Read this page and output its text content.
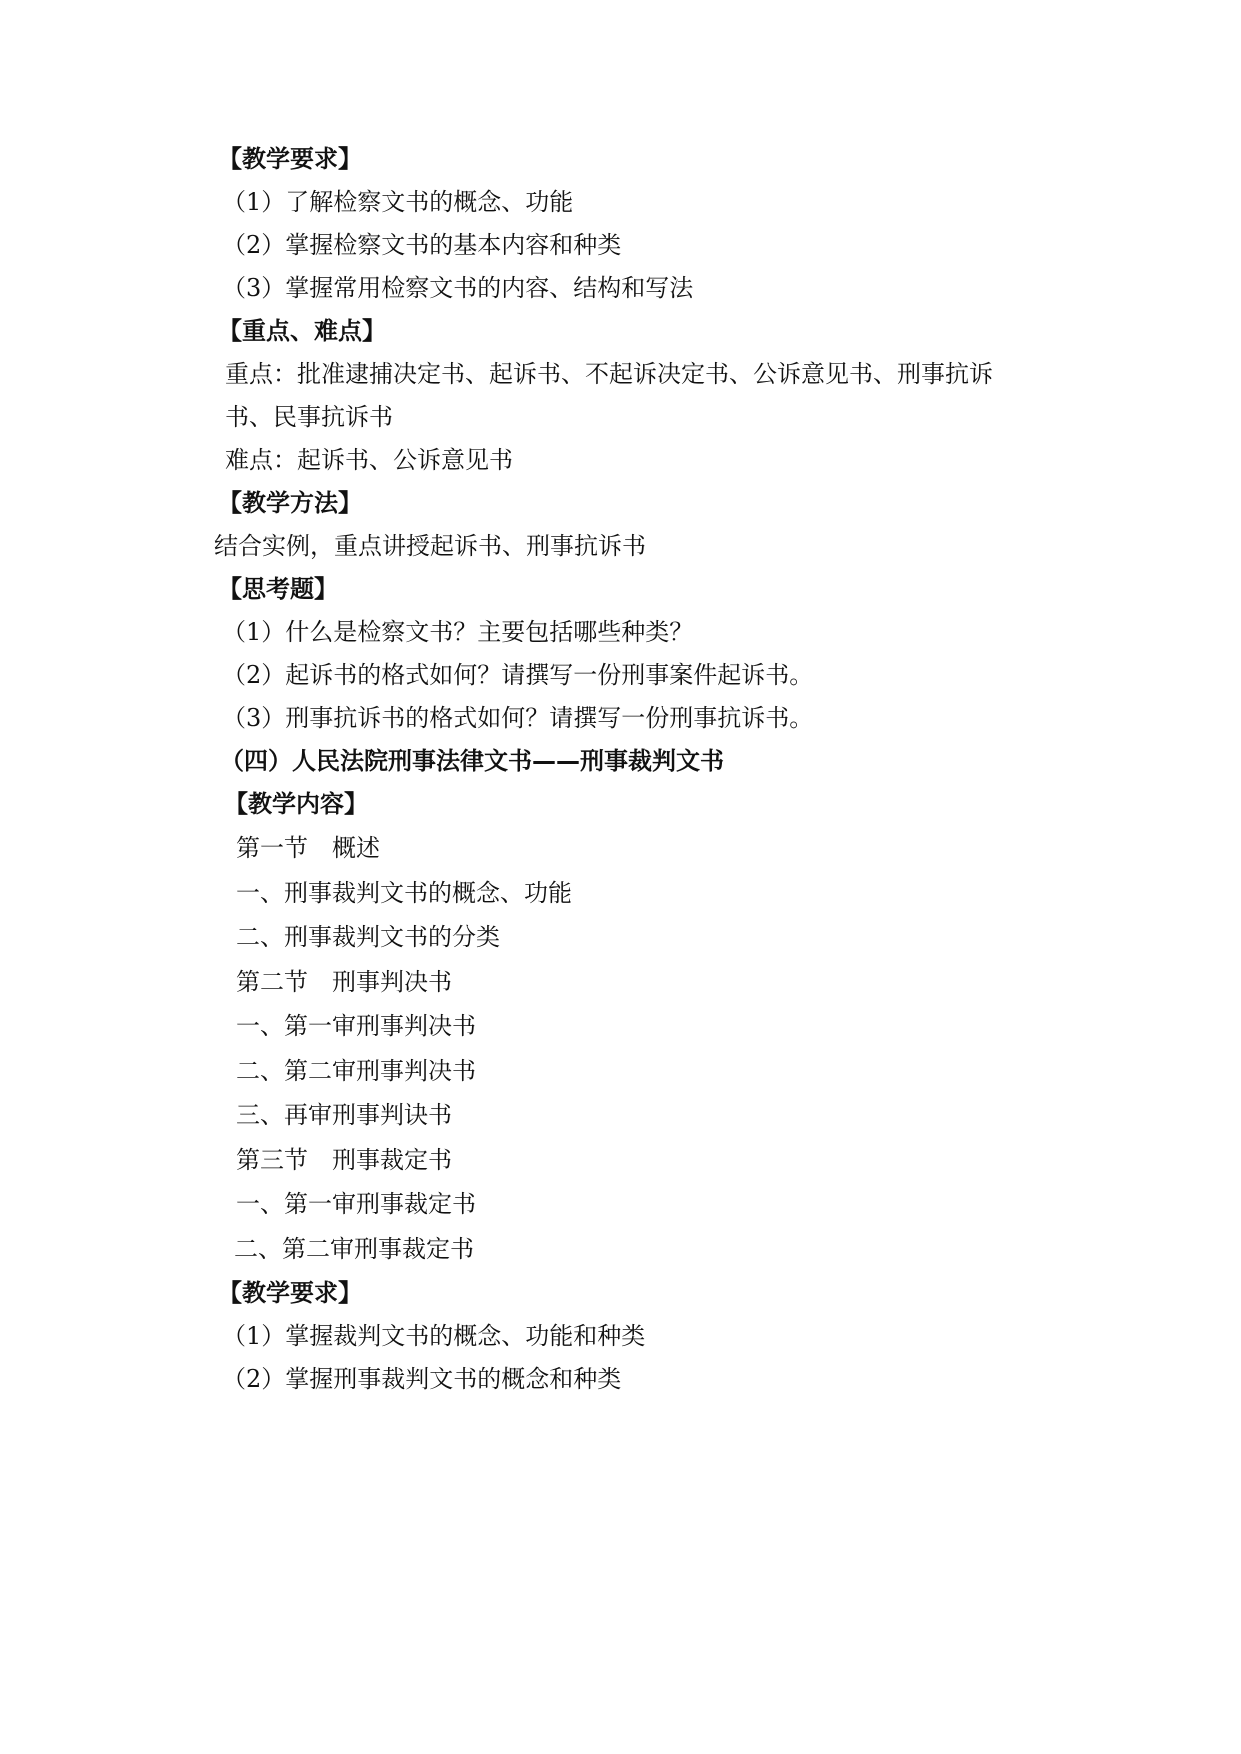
【教学要求】
（1）了解检察文书的概念、功能
（2）掌握检察文书的基本内容和种类
（3）掌握常用检察文书的内容、结构和写法
【重点、难点】
重点：批准逮捕决定书、起诉书、不起诉决定书、公诉意见书、刑事抗诉
书、民事抗诉书
难点：起诉书、公诉意见书
【教学方法】
结合实例，重点讲授起诉书、刑事抗诉书
【思考题】
（1）什么是检察文书？主要包括哪些种类？
（2）起诉书的格式如何？请撰写一份刑事案件起诉书。
（3）刑事抗诉书的格式如何？请撰写一份刑事抗诉书。
（四）人民法院刑事法律文书——刑事裁判文书
【教学内容】
第一节　概述
一、刑事裁判文书的概念、功能
二、刑事裁判文书的分类
第二节　刑事判决书
一、第一审刑事判决书
二、第二审刑事判决书
三、再审刑事判诀书
第三节　刑事裁定书
一、第一审刑事裁定书
二、第二审刑事裁定书
【教学要求】
（1）掌握裁判文书的概念、功能和种类
（2）掌握刑事裁判文书的概念和种类
